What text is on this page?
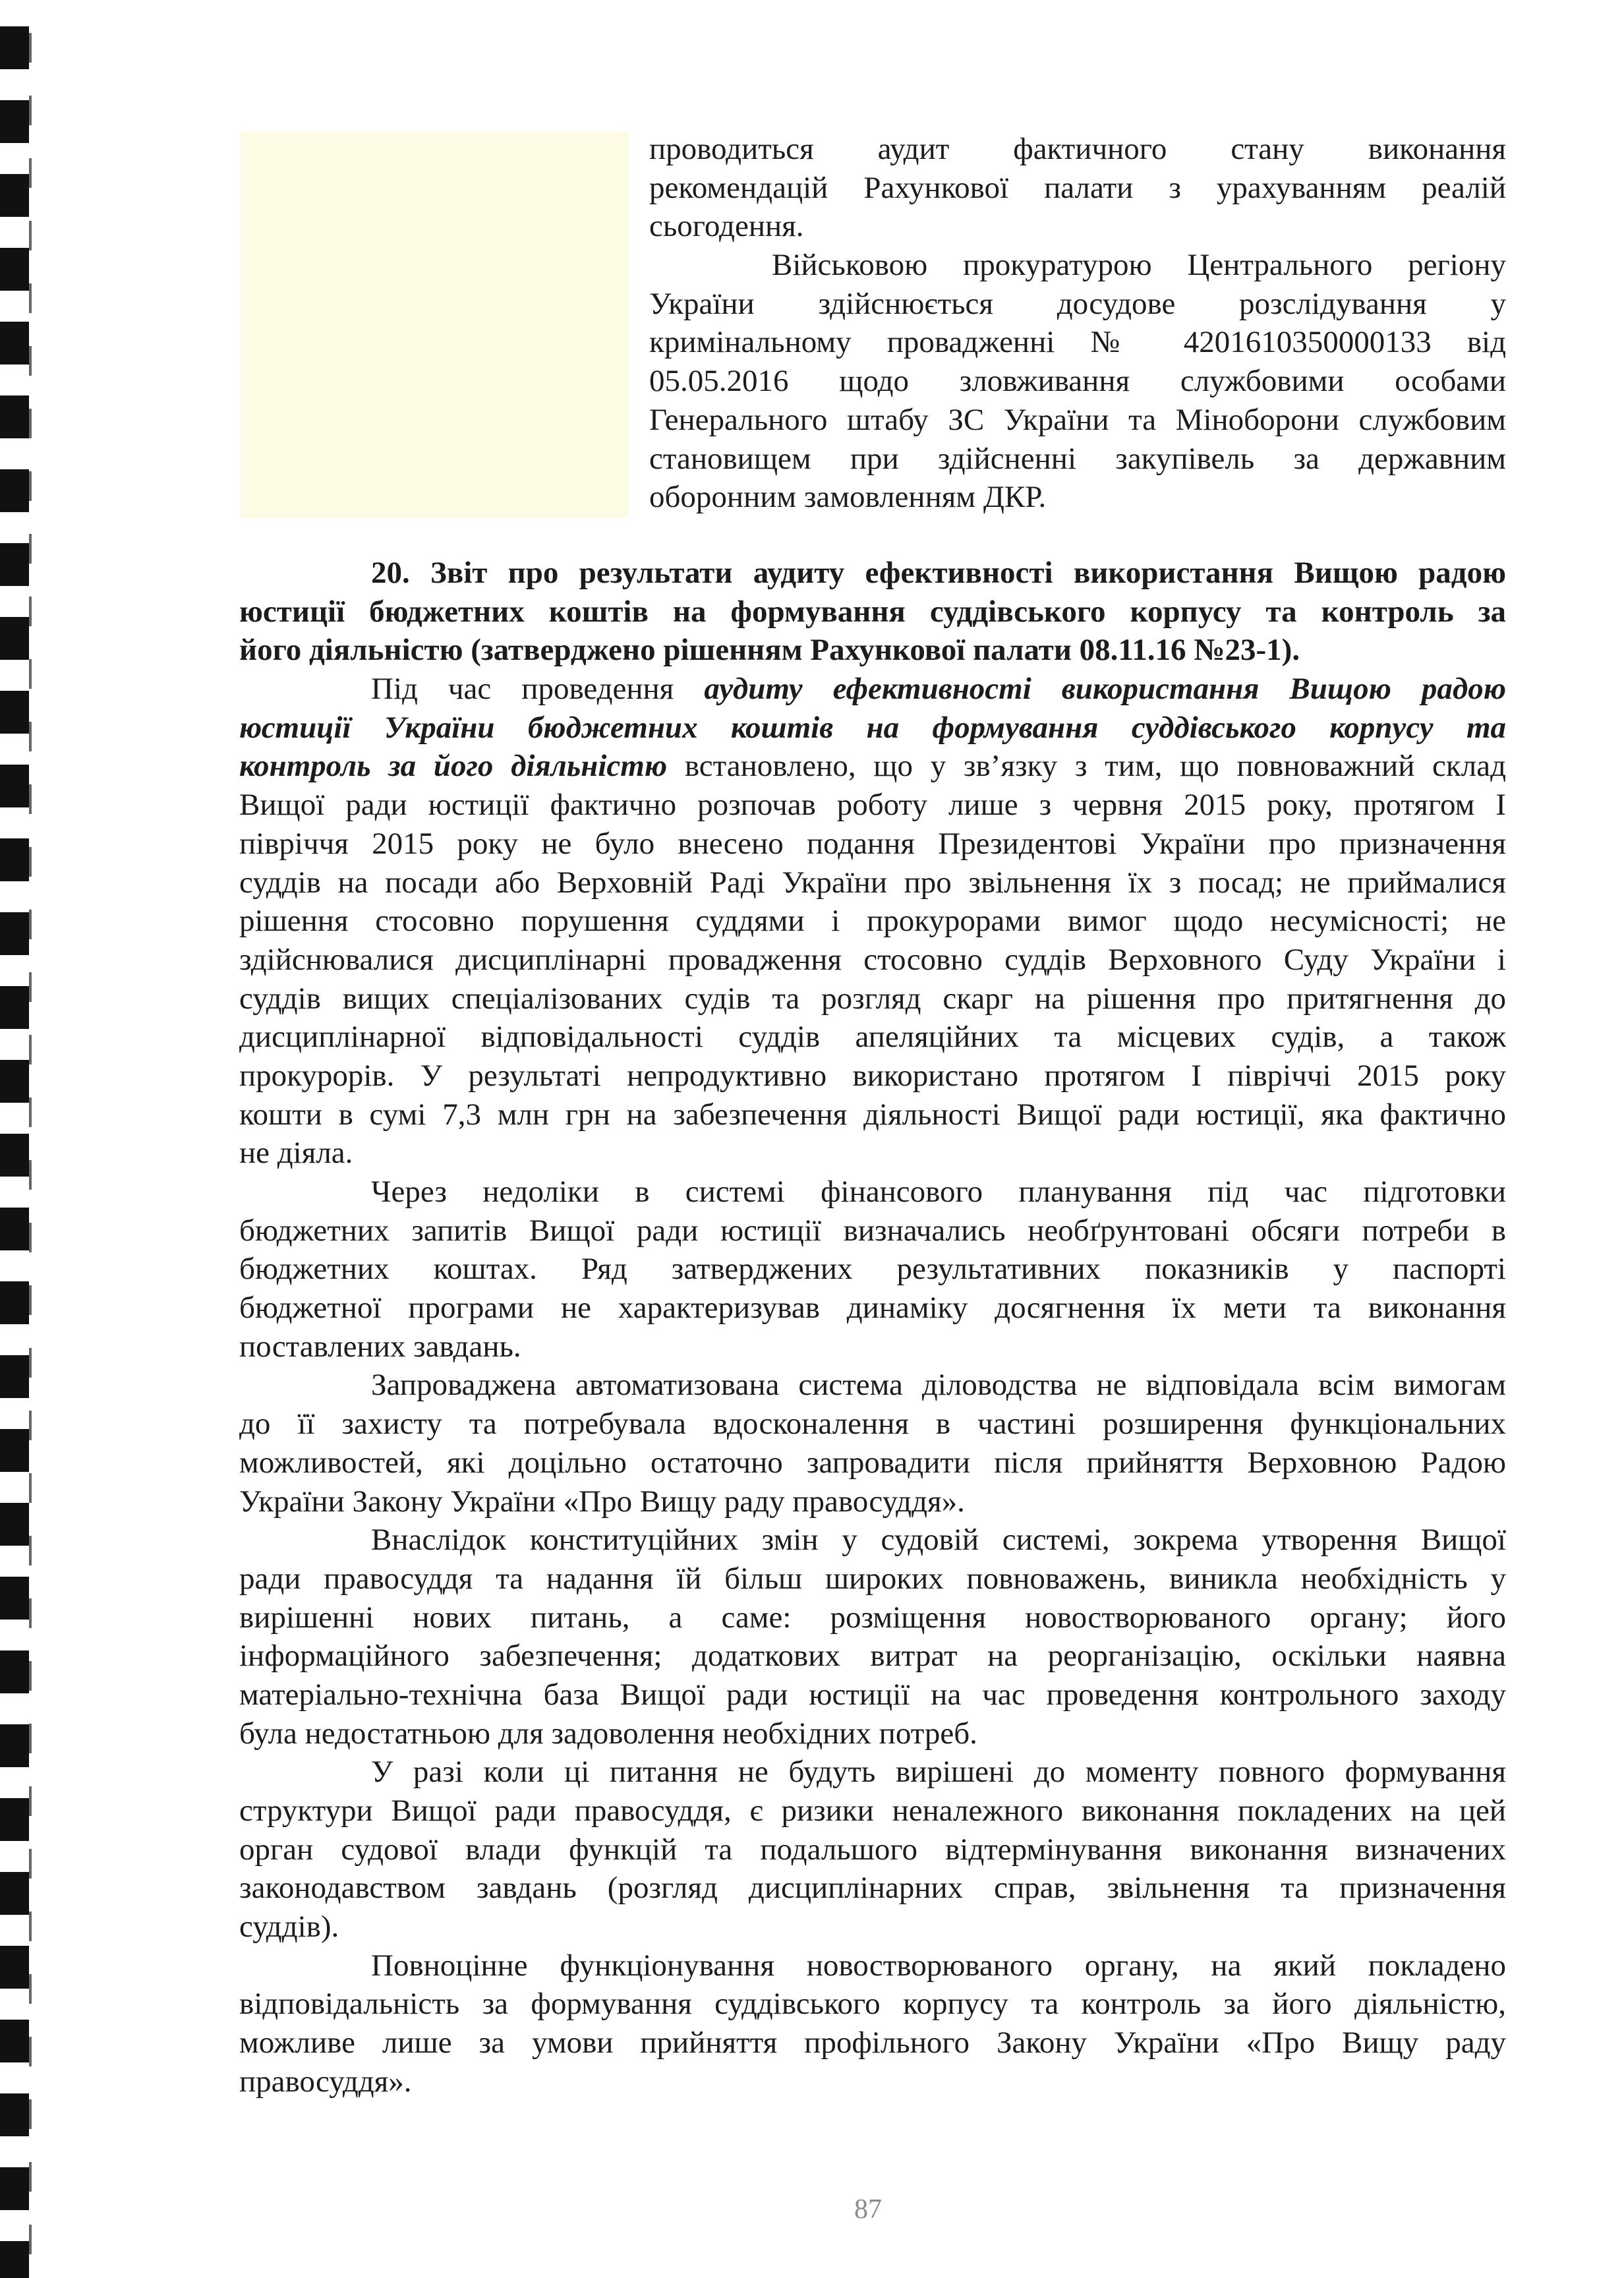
проводиться аудит фактичного стану виконання
рекомендацій Рахункової палати з урахуванням реалій
сьогодення.
Військовою прокуратурою Центрального регіону
України здійснюється досудове розслідування у
кримінальному провадженні № 4201610350000133 від
05.05.2016 щодо зловживання службовими особами
Генерального штабу ЗС України та Міноборони службовим
становищем при здійсненні закупівель за державним
оборонним замовленням ДКР.
20. Звіт про результати аудиту ефективності використання Вищою радою
юстиції бюджетних коштів на формування суддівського корпусу та контроль за
його діяльністю (затверджено рішенням Рахункової палати 08.11.16 №23-1).
Під час проведення аудиту ефективності використання Вищою радою
юстиції України бюджетних коштів на формування суддівського корпусу та
контроль за його діяльністю встановлено, що у зв’язку з тим, що повноважний склад
Вищої ради юстиції фактично розпочав роботу лише з червня 2015 року, протягом І
півріччя 2015 року не було внесено подання Президентові України про призначення
суддів на посади або Верховній Раді України про звільнення їх з посад; не приймалися
рішення стосовно порушення суддями і прокурорами вимог щодо несумісності; не
здійснювалися дисциплінарні провадження стосовно суддів Верховного Суду України і
суддів вищих спеціалізованих судів та розгляд скарг на рішення про притягнення до
дисциплінарної відповідальності суддів апеляційних та місцевих судів, а також
прокурорів. У результаті непродуктивно використано протягом І півріччі 2015 року
кошти в сумі 7,3 млн грн на забезпечення діяльності Вищої ради юстиції, яка фактично
не діяла.
Через недоліки в системі фінансового планування під час підготовки
бюджетних запитів Вищої ради юстиції визначались необґрунтовані обсяги потреби в
бюджетних коштах. Ряд затверджених результативних показників у паспорті
бюджетної програми не характеризував динаміку досягнення їх мети та виконання
поставлених завдань.
Запроваджена автоматизована система діловодства не відповідала всім вимогам
до її захисту та потребувала вдосконалення в частині розширення функціональних
можливостей, які доцільно остаточно запровадити після прийняття Верховною Радою
України Закону України «Про Вищу раду правосуддя».
Внаслідок конституційних змін у судовій системі, зокрема утворення Вищої
ради правосуддя та надання їй більш широких повноважень, виникла необхідність у
вирішенні нових питань, а саме: розміщення новостворюваного органу; його
інформаційного забезпечення; додаткових витрат на реорганізацію, оскільки наявна
матеріально-технічна база Вищої ради юстиції на час проведення контрольного заходу
була недостатньою для задоволення необхідних потреб.
У разі коли ці питання не будуть вирішені до моменту повного формування
структури Вищої ради правосуддя, є ризики неналежного виконання покладених на цей
орган судової влади функцій та подальшого відтермінування виконання визначених
законодавством завдань (розгляд дисциплінарних справ, звільнення та призначення
суддів).
Повноцінне функціонування новостворюваного органу, на який покладено
відповідальність за формування суддівського корпусу та контроль за його діяльністю,
можливе лише за умови прийняття профільного Закону України «Про Вищу раду
правосуддя».
87
